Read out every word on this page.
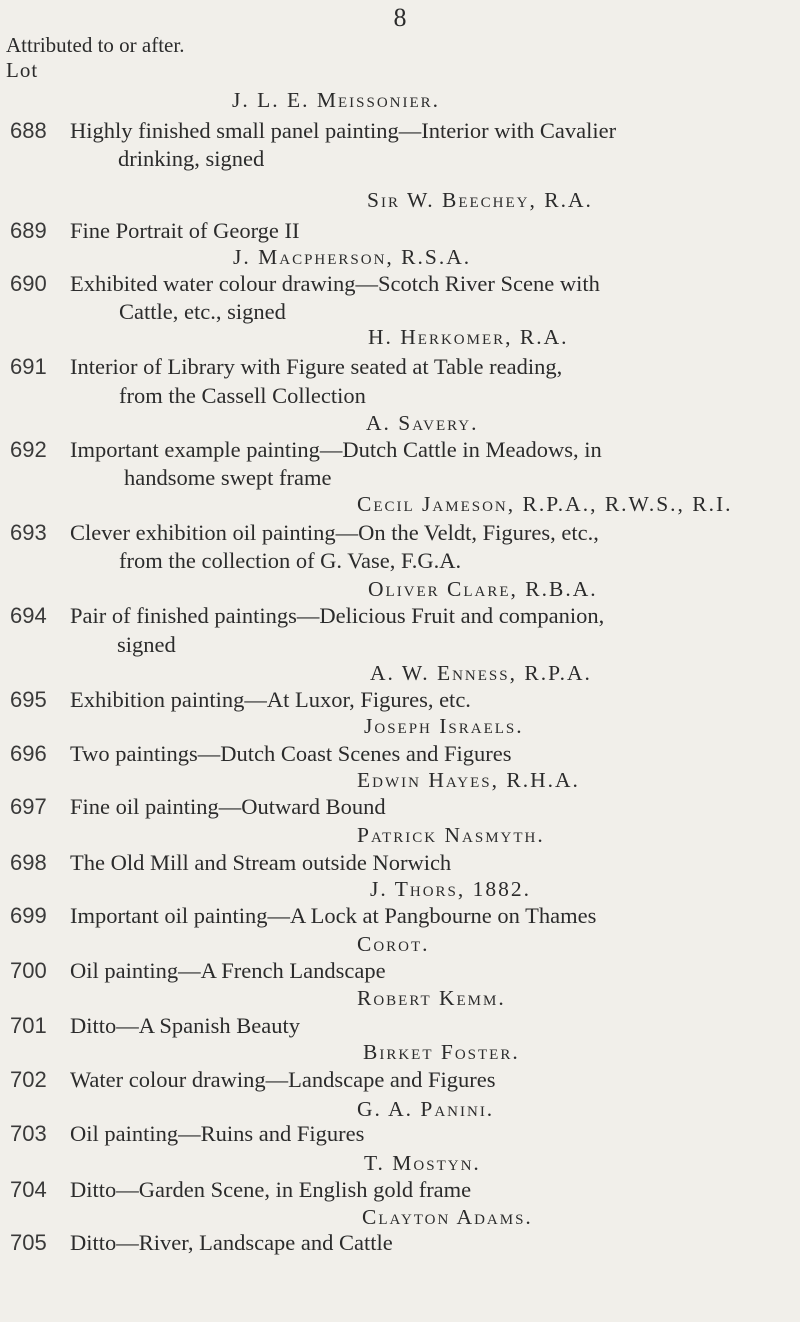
8
Attributed to or after.
Lot
J. L. E. Meissonier.
688	Highly finished small panel painting—Interior with Cavalier
drinking, signed
Sir W. Beechey, R.A.
689	Fine Portrait of George II
J. Macpherson, R.S.A.
690	Exhibited water colour drawing—Scotch River Scene with
Cattle, etc., signed
H. Herkomer, R.A.
691	Interior of Library with Figure seated at Table reading,
from the Cassell Collection
A. Savery.
692	Important example painting—Dutch Cattle in Meadows, in
handsome swept frame
Cecil Jameson, R.P.A., R.W.S., R.I.
693	Clever exhibition oil painting—On the Veldt, Figures, etc.,
from the collection of G. Vase, F.G.A.
Oliver Clare, R.B.A.
694	Pair of finished paintings—Delicious Fruit and companion,
signed
A. W. Enness, R.P.A.
695	Exhibition painting—At Luxor, Figures, etc.
Joseph Israels.
696	Two paintings—Dutch Coast Scenes and Figures
Edwin Hayes, R.H.A.
697	Fine oil painting—Outward Bound
Patrick Nasmyth.
698	The Old Mill and Stream outside Norwich
J. Thors, 1882.
699	Important oil painting—A Lock at Pangbourne on Thames
Corot.
700	Oil painting—A French Landscape
Robert Kemm.
701	Ditto—A Spanish Beauty
Birket Foster.
702	Water colour drawing—Landscape and Figures
G. A. Panini.
703	Oil painting—Ruins and Figures
T. Mostyn.
704	Ditto—Garden Scene, in English gold frame
Clayton Adams.
705	Ditto—River, Landscape and Cattle
